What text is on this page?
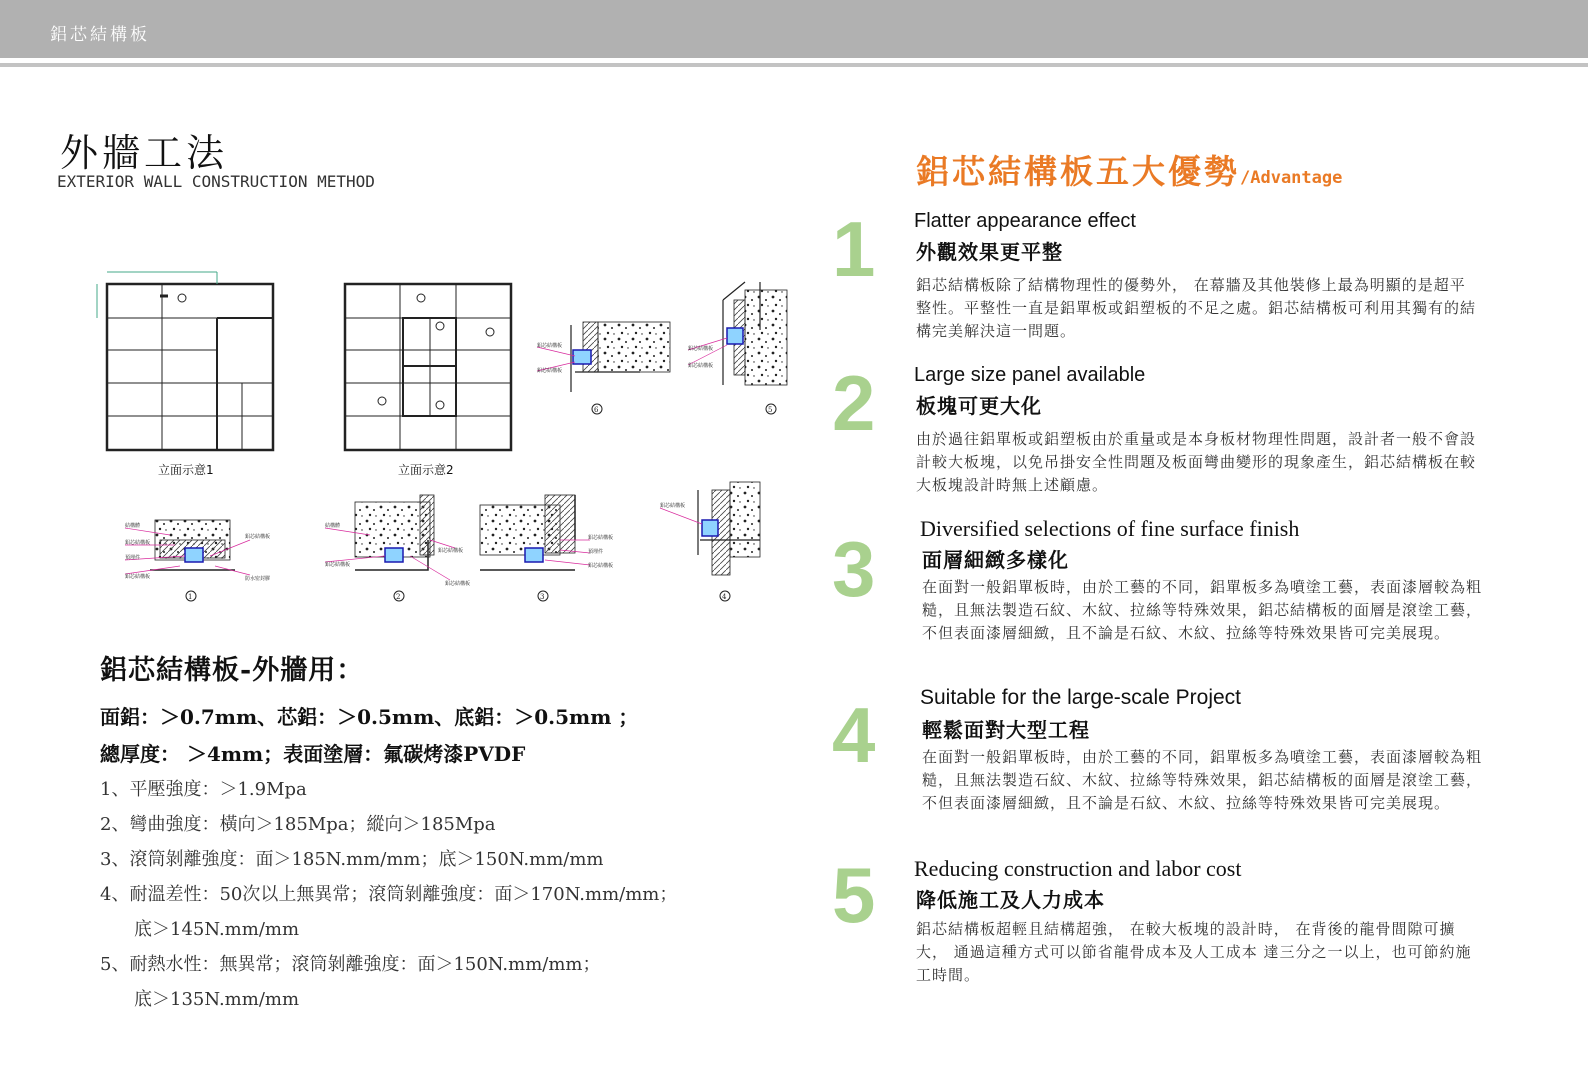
鋁芯結構板
外牆工法
EXTERIOR WALL CONSTRUCTION METHOD
鋁芯結構板
鋁芯結構板
6
鋁芯結構板
鋁芯結構板
5
結構體
鋁芯結構板
預埋件
鋁芯結構板
鋁芯結構板
防水密封膠
1
結構體
鋁芯結構板
鋁芯結構板
鋁芯結構板
2
鋁芯結構板
預埋件
鋁芯結構板
3
鋁芯結構板
4
立面示意1	立面示意2
鋁芯結構板-外牆用：
面鋁：＞0.7mm、芯鋁：＞0.5mm、底鋁：＞0.5mm ；
總厚度： ＞4mm；表面塗層：氟碳烤漆PVDF
1、平壓強度：＞1.9Mpa
2、彎曲強度：橫向＞185Mpa；縱向＞185Mpa
3、滾筒剝離強度：面＞185N.mm/mm；底＞150N.mm/mm
4、耐溫差性：50次以上無異常；滾筒剝離強度：面＞170N.mm/mm；
底＞145N.mm/mm
5、耐熱水性：無異常；滾筒剝離強度：面＞150N.mm/mm；
底＞135N.mm/mm
鋁芯結構板五大優勢/Advantage
1 Flatter appearance effect
外觀效果更平整
鋁芯結構板除了結構物理性的優勢外， 在幕牆及其他裝修上最為明顯的是超平整性。平整性一直是鋁單板或鋁塑板的不足之處。鋁芯結構板可利用其獨有的結構完美解決這一問題。
2 Large size panel available
板塊可更大化
由於過往鋁單板或鋁塑板由於重量或是本身板材物理性問題，設計者一般不會設計較大板塊，以免吊掛安全性問題及板面彎曲變形的現象產生，鋁芯結構板在較大板塊設計時無上述顧慮。
3 Diversified selections of fine surface finish
面層細緻多樣化
在面對一般鋁單板時，由於工藝的不同，鋁單板多為噴塗工藝，表面漆層較為粗糙，且無法製造石紋、木紋、拉絲等特殊效果，鋁芯結構板的面層是滾塗工藝，不但表面漆層細緻，且不論是石紋、木紋、拉絲等特殊效果皆可完美展現。
4 Suitable for the large-scale Project
輕鬆面對大型工程
在面對一般鋁單板時，由於工藝的不同，鋁單板多為噴塗工藝，表面漆層較為粗糙，且無法製造石紋、木紋、拉絲等特殊效果，鋁芯結構板的面層是滾塗工藝，不但表面漆層細緻，且不論是石紋、木紋、拉絲等特殊效果皆可完美展現。
5 Reducing construction and labor cost
降低施工及人力成本
鋁芯結構板超輕且結構超強， 在較大板塊的設計時， 在背後的龍骨間隙可擴大， 通過這種方式可以節省龍骨成本及人工成本 達三分之一以上，也可節約施工時間。
